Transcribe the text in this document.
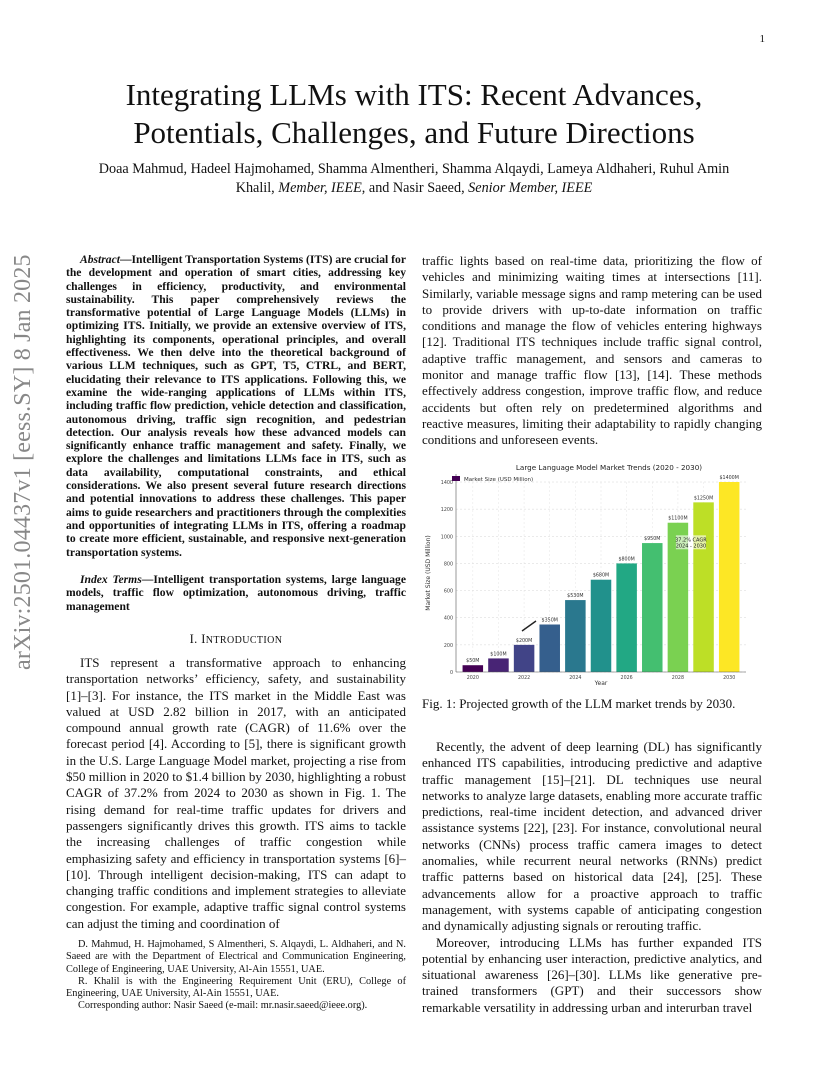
1
arXiv:2501.04437v1 [eess.SY] 8 Jan 2025
Integrating LLMs with ITS: Recent Advances,
Potentials, Challenges, and Future Directions
Doaa Mahmud, Hadeel Hajmohamed, Shamma Almentheri, Shamma Alqaydi, Lameya Aldhaheri, Ruhul Amin
Khalil, Member, IEEE, and Nasir Saeed, Senior Member, IEEE
Abstract—Intelligent Transportation Systems (ITS) are crucial for the development and operation of smart cities, addressing key challenges in efficiency, productivity, and environmental sustainability. This paper comprehensively reviews the transformative potential of Large Language Models (LLMs) in optimizing ITS. Initially, we provide an extensive overview of ITS, highlighting its components, operational principles, and overall effectiveness. We then delve into the theoretical background of various LLM techniques, such as GPT, T5, CTRL, and BERT, elucidating their relevance to ITS applications. Following this, we examine the wide-ranging applications of LLMs within ITS, including traffic flow prediction, vehicle detection and classification, autonomous driving, traffic sign recognition, and pedestrian detection. Our analysis reveals how these advanced models can significantly enhance traffic management and safety. Finally, we explore the challenges and limitations LLMs face in ITS, such as data availability, computational constraints, and ethical considerations. We also present several future research directions and potential innovations to address these challenges. This paper aims to guide researchers and practitioners through the complexities and opportunities of integrating LLMs in ITS, offering a roadmap to create more efficient, sustainable, and responsive next-generation transportation systems.
Index Terms—Intelligent transportation systems, large language models, traffic flow optimization, autonomous driving, traffic management
I. INTRODUCTION
ITS represent a transformative approach to enhancing transportation networks’ efficiency, safety, and sustainability [1]–[3]. For instance, the ITS market in the Middle East was valued at USD 2.82 billion in 2017, with an anticipated compound annual growth rate (CAGR) of 11.6% over the forecast period [4]. According to [5], there is significant growth in the U.S. Large Language Model market, projecting a rise from $50 million in 2020 to $1.4 billion by 2030, highlighting a robust CAGR of 37.2% from 2024 to 2030 as shown in Fig. 1. The rising demand for real-time traffic updates for drivers and passengers significantly drives this growth. ITS aims to tackle the increasing challenges of traffic congestion while emphasizing safety and efficiency in transportation systems [6]–[10]. Through intelligent decision-making, ITS can adapt to changing traffic conditions and implement strategies to alleviate congestion. For example, adaptive traffic signal control systems can adjust the timing and coordination of

D. Mahmud, H. Hajmohamed, S Almentheri, S. Alqaydi, L. Aldhaheri, and N. Saeed are with the Department of Electrical and Communication Engineering, College of Engineering, UAE University, Al-Ain 15551, UAE.

R. Khalil is with the Engineering Requirement Unit (ERU), College of Engineering, UAE University, Al-Ain 15551, UAE.

Corresponding author: Nasir Saeed (e-mail: mr.nasir.saeed@ieee.org).

traffic lights based on real-time data, prioritizing the flow of vehicles and minimizing waiting times at intersections [11]. Similarly, variable message signs and ramp metering can be used to provide drivers with up-to-date information on traffic conditions and manage the flow of vehicles entering highways [12]. Traditional ITS techniques include traffic signal control, adaptive traffic management, and sensors and cameras to monitor and manage traffic flow [13], [14]. These methods effectively address congestion, improve traffic flow, and reduce accidents but often rely on predetermined algorithms and reactive measures, limiting their adaptability to rapidly changing conditions and unforeseen events.
Large Language Model Market Trends (2020 - 2030)
0
200
400
600
800
1000
1200
1400
$50M
$100M
$200M
$350M
$530M
$680M
$800M
$950M
$1100M
$1250M
$1400M
2020	2022	2024	2026	2028	2030
Market Size (USD Million)
Year
Market Size (USD Million)	37.2% CAGR
2024 - 2030
Fig. 1: Projected growth of the LLM market trends by 2030.

Recently, the advent of deep learning (DL) has significantly enhanced ITS capabilities, introducing predictive and adaptive traffic management [15]–[21]. DL techniques use neural networks to analyze large datasets, enabling more accurate traffic predictions, real-time incident detection, and advanced driver assistance systems [22], [23]. For instance, convolutional neural networks (CNNs) process traffic camera images to detect anomalies, while recurrent neural networks (RNNs) predict traffic patterns based on historical data [24], [25]. These advancements allow for a proactive approach to traffic management, with systems capable of anticipating congestion and dynamically adjusting signals or rerouting traffic.

Moreover, introducing LLMs has further expanded ITS potential by enhancing user interaction, predictive analytics, and situational awareness [26]–[30]. LLMs like generative pre-trained transformers (GPT) and their successors show remarkable versatility in addressing urban and interurban travel
